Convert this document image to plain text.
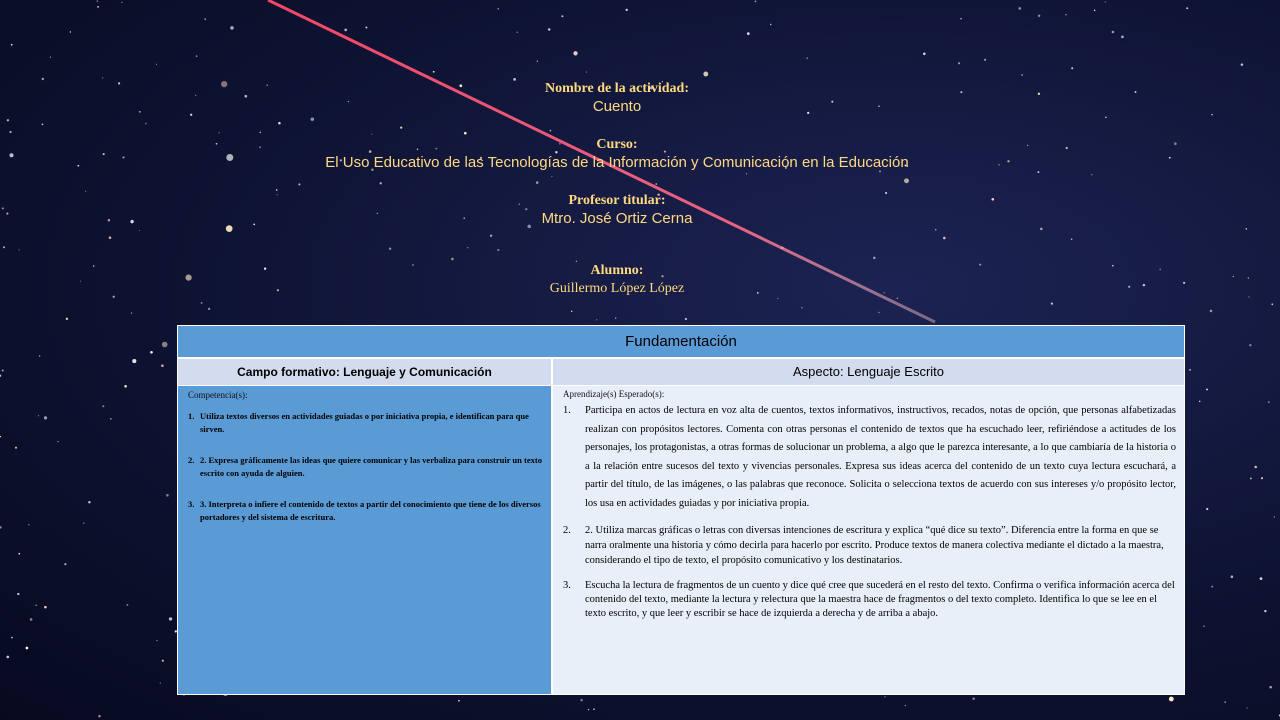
Nombre de la actividad:
Cuento
Curso:
El Uso Educativo de las Tecnologías de la Información y Comunicación en la Educación
Profesor titular:
Mtro. José Ortiz Cerna
Alumno:
Guillermo López López
Fundamentación
Campo formativo: Lenguaje y Comunicación	Aspecto: Lenguaje Escrito
Competencia(s):
1. Utiliza textos diversos en actividades guiadas o por iniciativa propia, e identifican para que sirven.
2. 2. Expresa gráficamente las ideas que quiere comunicar y las verbaliza para construir un texto escrito con ayuda de alguien.
3. 3. Interpreta o infiere el contenido de textos a partir del conocimiento que tiene de los diversos portadores y del sistema de escritura.
Aprendizaje(s) Esperado(s):
1.	Participa en actos de lectura en voz alta de cuentos, textos informativos, instructivos, recados, notas de opción, que personas alfabetizadas realizan con propósitos lectores. Comenta con otras personas el contenido de textos que ha escuchado leer, refiriéndose a actitudes de los personajes, los protagonistas, a otras formas de solucionar un problema, a algo que le parezca interesante, a lo que cambiaría de la historia o a la relación entre sucesos del texto y vivencias personales. Expresa sus ideas acerca del contenido de un texto cuya lectura escuchará, a partir del título, de las imágenes, o las palabras que reconoce. Solicita o selecciona textos de acuerdo con sus intereses y/o propósito lector, los usa en actividades guiadas y por iniciativa propia.
2.	2. Utiliza marcas gráficas o letras con diversas intenciones de escritura y explica “qué dice su texto”. Diferencia entre la forma en que se narra oralmente una historia y cómo decirla para hacerlo por escrito. Produce textos de manera colectiva mediante el dictado a la maestra, considerando el tipo de texto, el propósito comunicativo y los destinatarios.
3.	Escucha la lectura de fragmentos de un cuento y dice qué cree que sucederá en el resto del texto. Confirma o verifica información acerca del contenido del texto, mediante la lectura y relectura que la maestra hace de fragmentos o del texto completo. Identifica lo que se lee en el texto escrito, y que leer y escribir se hace de izquierda a derecha y de arriba a abajo.
